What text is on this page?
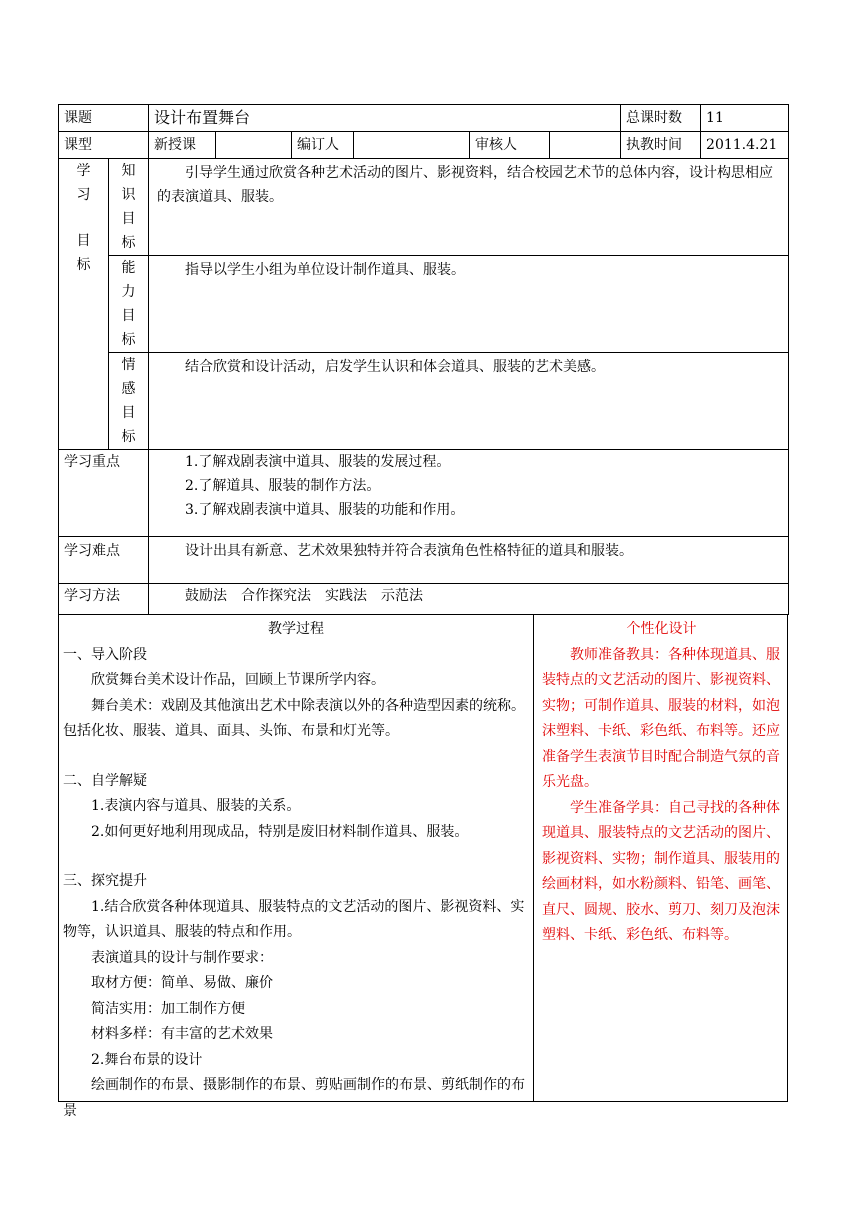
课题		设计布置舞台						总课时数	11
课型		新授课		编订人		审核人		执教时间	2011.4.21

学
习
目
标	知
识
目
标	引导学生通过欣赏各种艺术活动的图片、影视资料，结合校园艺术节的总体内容，设计构思相应的表演道具、服装。							

	能
力
目
标	指导以学生小组为单位设计制作道具、服装。							

	情
感
目
标	结合欣赏和设计活动，启发学生认识和体会道具、服装的艺术美感。							
学习重点		1.了解戏剧表演中道具、服装的发展过程。
2.了解道具、服装的制作方法。
3.了解戏剧表演中道具、服装的功能和作用。							

学习难点		设计出具有新意、艺术效果独特并符合表演角色性格特征的道具和服装。							
学习方法		鼓励法　合作探究法　实践法　示范法							
教学过程
一、导入阶段
欣赏舞台美术设计作品，回顾上节课所学内容。
舞台美术：戏剧及其他演出艺术中除表演以外的各种造型因素的统称。包括化妆、服装、道具、面具、头饰、布景和灯光等。
二、自学解疑
1.表演内容与道具、服装的关系。
2.如何更好地利用现成品，特别是废旧材料制作道具、服装。
三、探究提升
1.结合欣赏各种体现道具、服装特点的文艺活动的图片、影视资料、实物等，认识道具、服装的特点和作用。
表演道具的设计与制作要求：
取材方便：简单、易做、廉价
简洁实用：加工制作方便
材料多样：有丰富的艺术效果
2.舞台布景的设计
绘画制作的布景、摄影制作的布景、剪贴画制作的布景、剪纸制作的布景
个性化设计
教师准备教具：各种体现道具、服装特点的文艺活动的图片、影视资料、实物；可制作道具、服装的材料，如泡沫塑料、卡纸、彩色纸、布料等。还应准备学生表演节目时配合制造气氛的音乐光盘。
学生准备学具：自己寻找的各种体现道具、服装特点的文艺活动的图片、影视资料、实物；制作道具、服装用的绘画材料，如水粉颜料、铅笔、画笔、直尺、圆规、胶水、剪刀、刻刀及泡沫塑料、卡纸、彩色纸、布料等。
